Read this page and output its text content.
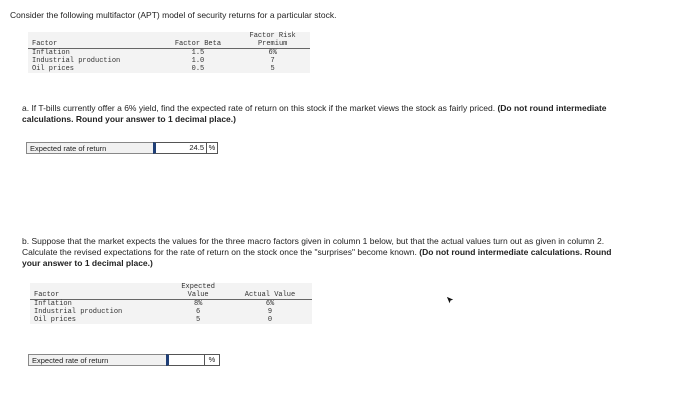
Consider the following multifactor (APT) model of security returns for a particular stock.
		Factor Risk
Factor	Factor Beta	Premium
Inflation	1.5	6%
Industrial production	1.0	7
Oil prices	0.5	5
a. If T-bills currently offer a 6% yield, find the expected rate of return on this stock if the market views the stock as fairly priced. (Do not round intermediate calculations. Round your answer to 1 decimal place.)
Expected rate of return	24.5 %
b. Suppose that the market expects the values for the three macro factors given in column 1 below, but that the actual values turn out as given in column 2. Calculate the revised expectations for the rate of return on the stock once the "surprises" become known. (Do not round intermediate calculations. Round your answer to 1 decimal place.)
	Expected	
Factor	Value	Actual Value
Inflation	8%	6%
Industrial production	6	9
Oil prices	5	0
Expected rate of return	%
